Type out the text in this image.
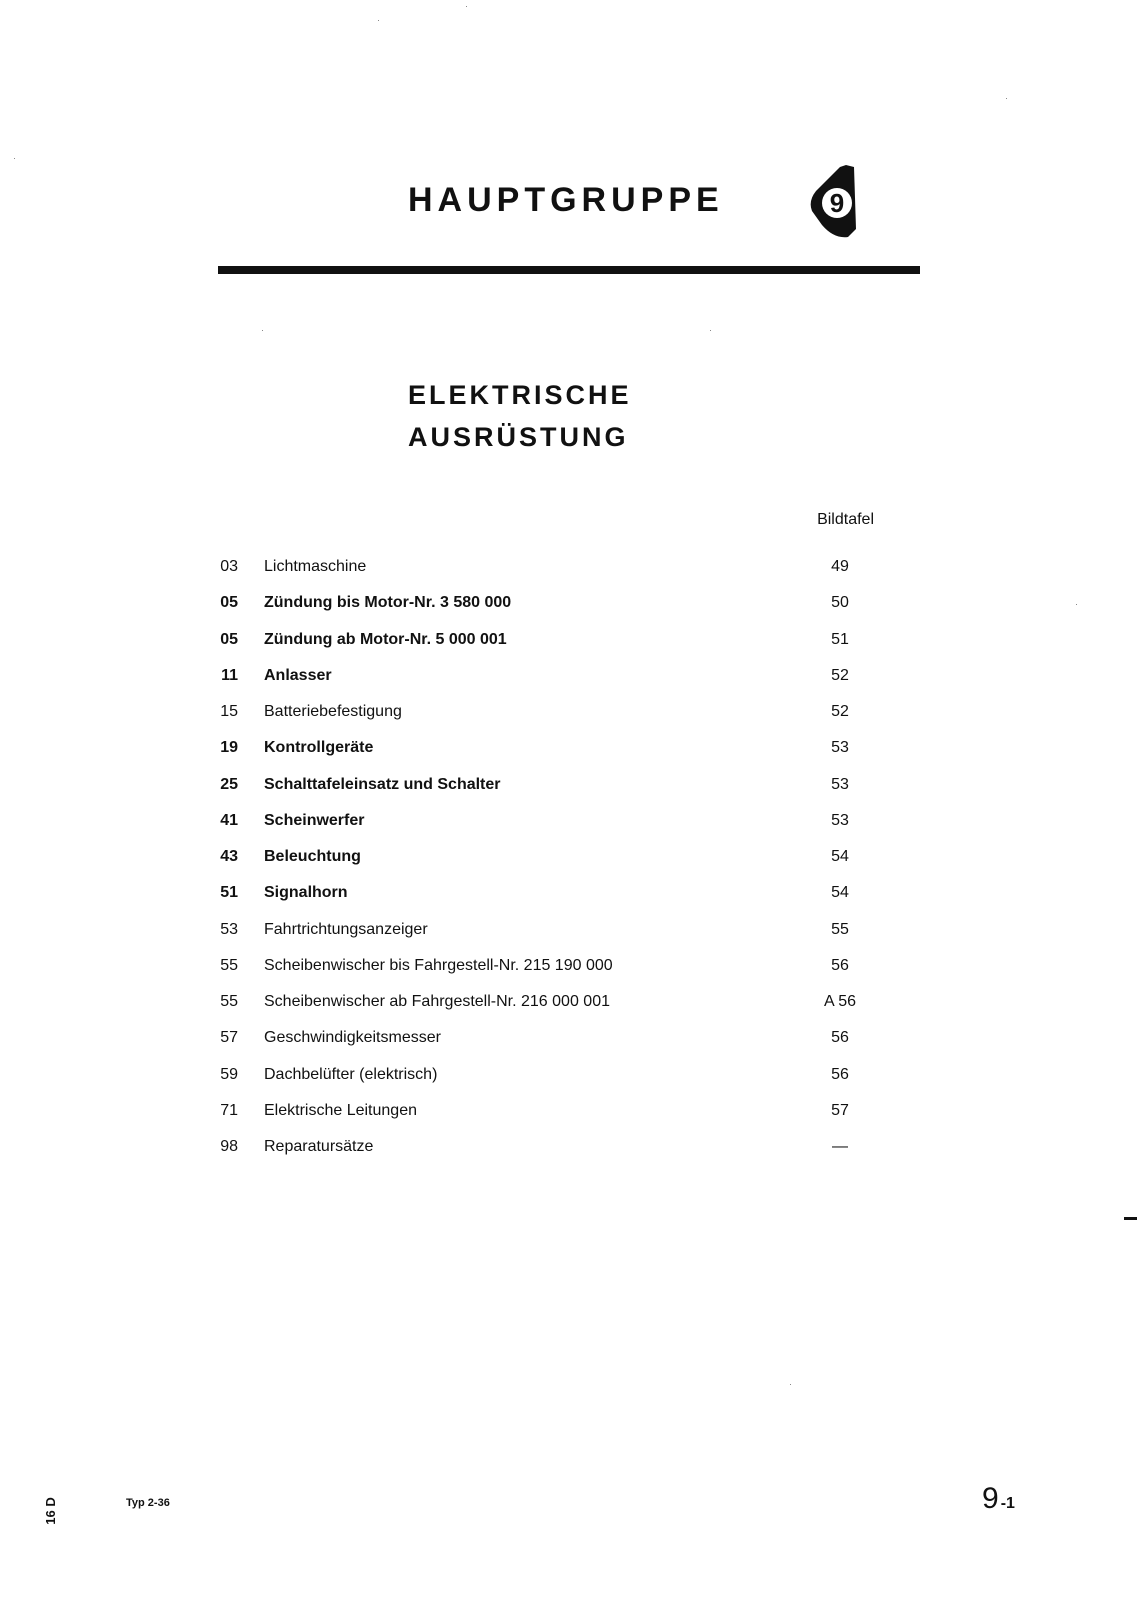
HAUPTGRUPPE	9
ELEKTRISCHE
AUSRÜSTUNG
Bildtafel
03 Lichtmaschine	49
05 Zündung bis Motor-Nr. 3 580 000	50
05 Zündung ab Motor-Nr. 5 000 001	51
11 Anlasser	52
15 Batteriebefestigung	52
19 Kontrollgeräte	53
25 Schalttafeleinsatz und Schalter	53
41 Scheinwerfer	53
43 Beleuchtung	54
51 Signalhorn	54
53 Fahrtrichtungsanzeiger	55
55 Scheibenwischer bis Fahrgestell-Nr. 215 190 000	56
55 Scheibenwischer ab Fahrgestell-Nr. 216 000 001	A 56
57 Geschwindigkeitsmesser	56
59 Dachbelüfter (elektrisch)	56
71 Elektrische Leitungen	57
98 Reparatursätze	—
16 D	Typ 2-36	9 -1
